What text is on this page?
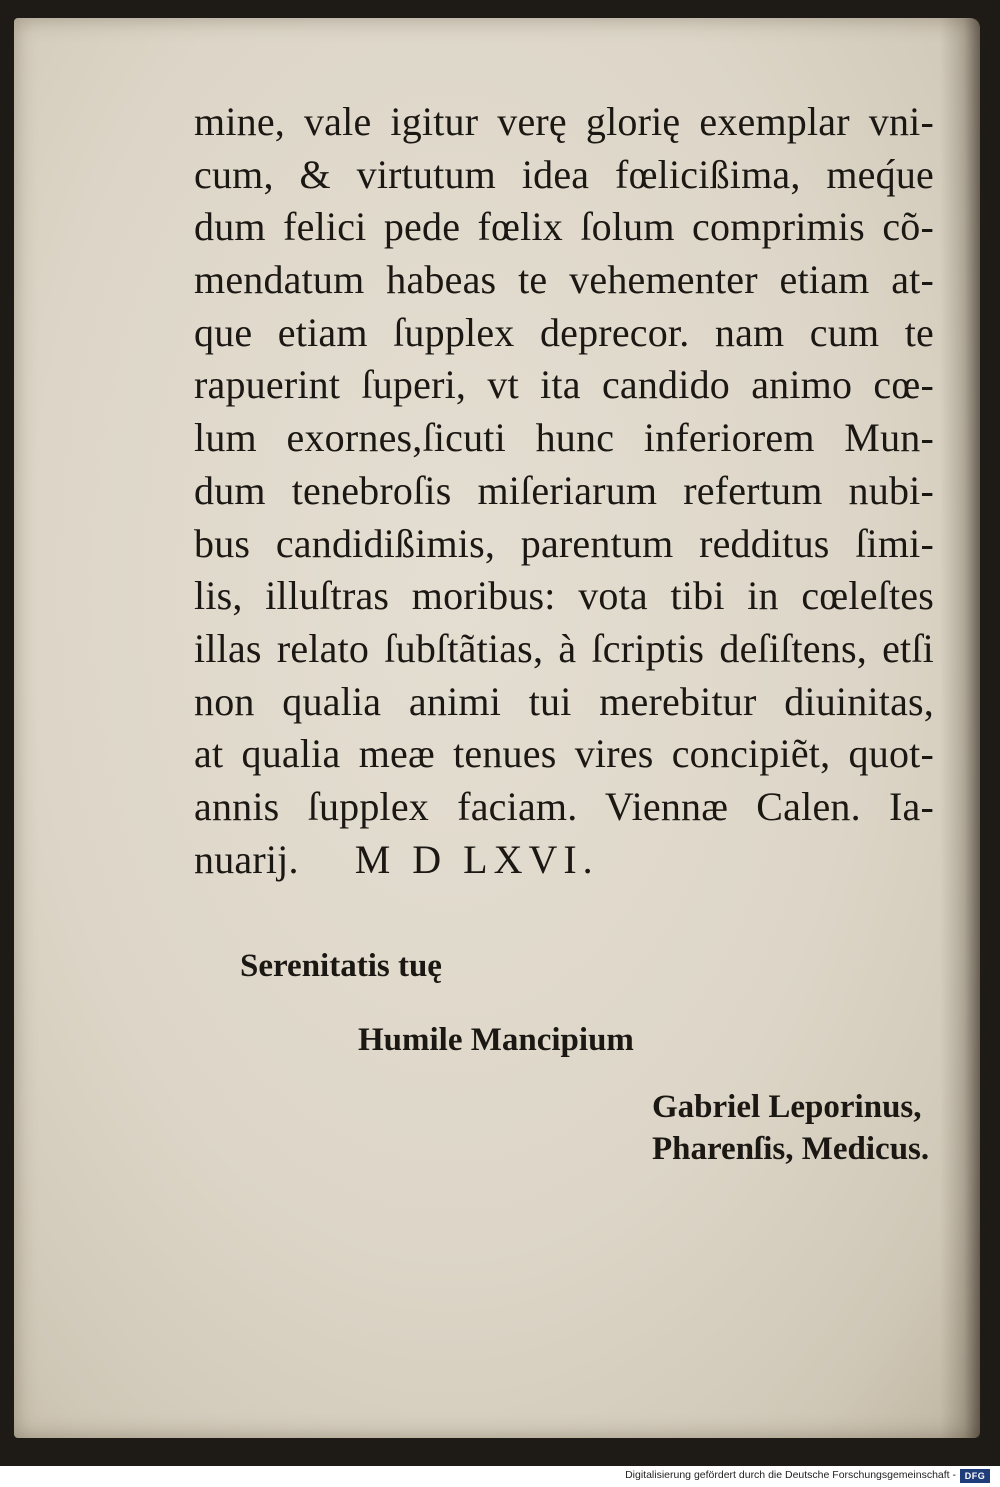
mine, vale igitur verę glorię exemplar vni-
cum, & virtutum idea fœlicißima, meq́ue
dum felici pede fœlix ſolum comprimis cõ-
mendatum habeas te vehementer etiam at-
que etiam ſupplex deprecor. nam cum te
rapuerint ſuperi, vt ita candido animo cœ-
lum exornes,ſicuti hunc inferiorem Mun-
dum tenebroſis miſeriarum refertum nubi-
bus candidißimis, parentum redditus ſimi-
lis, illuſtras moribus: vota tibi in cœleſtes
illas relato ſubſtãtias, à ſcriptis deſiſtens, etſi
non qualia animi tui merebitur diuinitas,
at qualia meæ tenues vires concipiẽt, quot-
annis ſupplex faciam. Viennæ Calen. Ia-
nuarij. M D LXVI.
Serenitatis tuę
Humile Mancipium
Gabriel Leporinus,
Pharenſis, Medicus.
Digitalisierung gefördert durch die Deutsche Forschungsgemeinschaft - DFG
